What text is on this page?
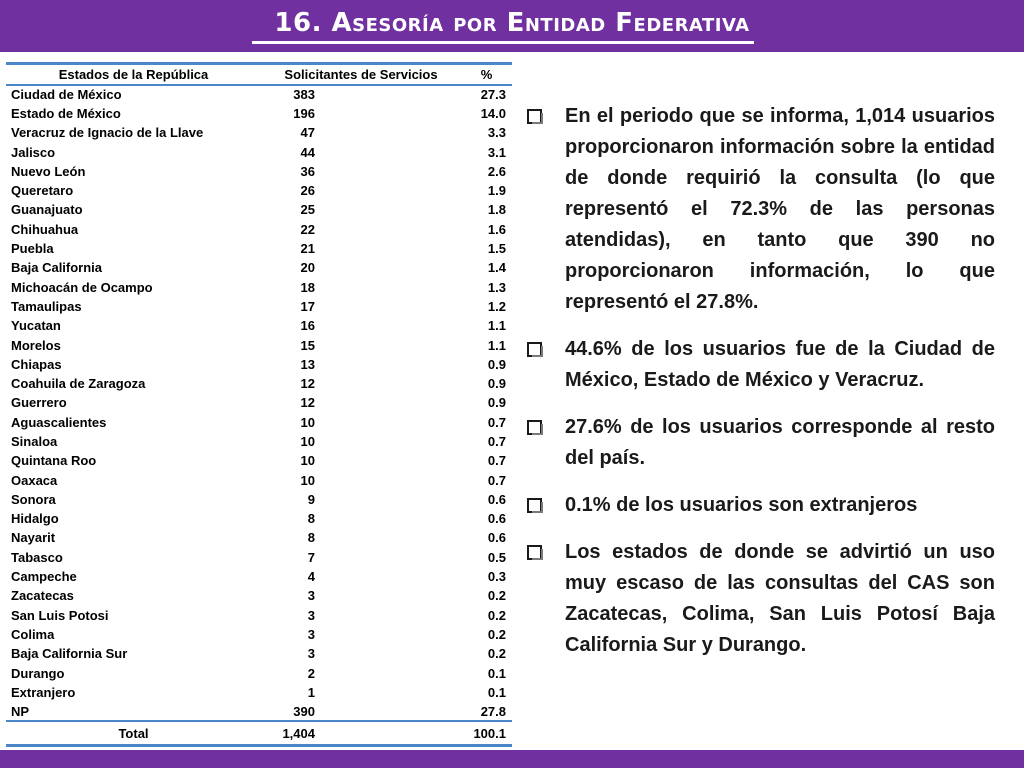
16. Asesoría por Entidad Federativa
Estados de la República	Solicitantes de Servicios	%
Ciudad de México	383	27.3
Estado de México	196	14.0
Veracruz de Ignacio de la Llave	47	3.3
Jalisco	44	3.1
Nuevo León	36	2.6
Queretaro	26	1.9
Guanajuato	25	1.8
Chihuahua	22	1.6
Puebla	21	1.5
Baja California	20	1.4
Michoacán de Ocampo	18	1.3
Tamaulipas	17	1.2
Yucatan	16	1.1
Morelos	15	1.1
Chiapas	13	0.9
Coahuila de Zaragoza	12	0.9
Guerrero	12	0.9
Aguascalientes	10	0.7
Sinaloa	10	0.7
Quintana Roo	10	0.7
Oaxaca	10	0.7
Sonora	9	0.6
Hidalgo	8	0.6
Nayarit	8	0.6
Tabasco	7	0.5
Campeche	4	0.3
Zacatecas	3	0.2
San Luis Potosi	3	0.2
Colima	3	0.2
Baja California Sur	3	0.2
Durango	2	0.1
Extranjero	1	0.1
NP	390	27.8
Total	1,404	100.1
En el periodo que se informa, 1,014 usuarios proporcionaron información sobre la entidad de donde requirió la consulta (lo que representó el 72.3% de las personas atendidas), en tanto que 390 no proporcionaron información, lo que representó el 27.8%.
44.6% de los usuarios fue de la Ciudad de México, Estado de México y Veracruz.
27.6% de los usuarios corresponde al resto del país.
0.1% de los usuarios son extranjeros
Los estados de donde se advirtió un uso muy escaso de las consultas del CAS son Zacatecas, Colima, San Luis Potosí Baja California Sur y Durango.
